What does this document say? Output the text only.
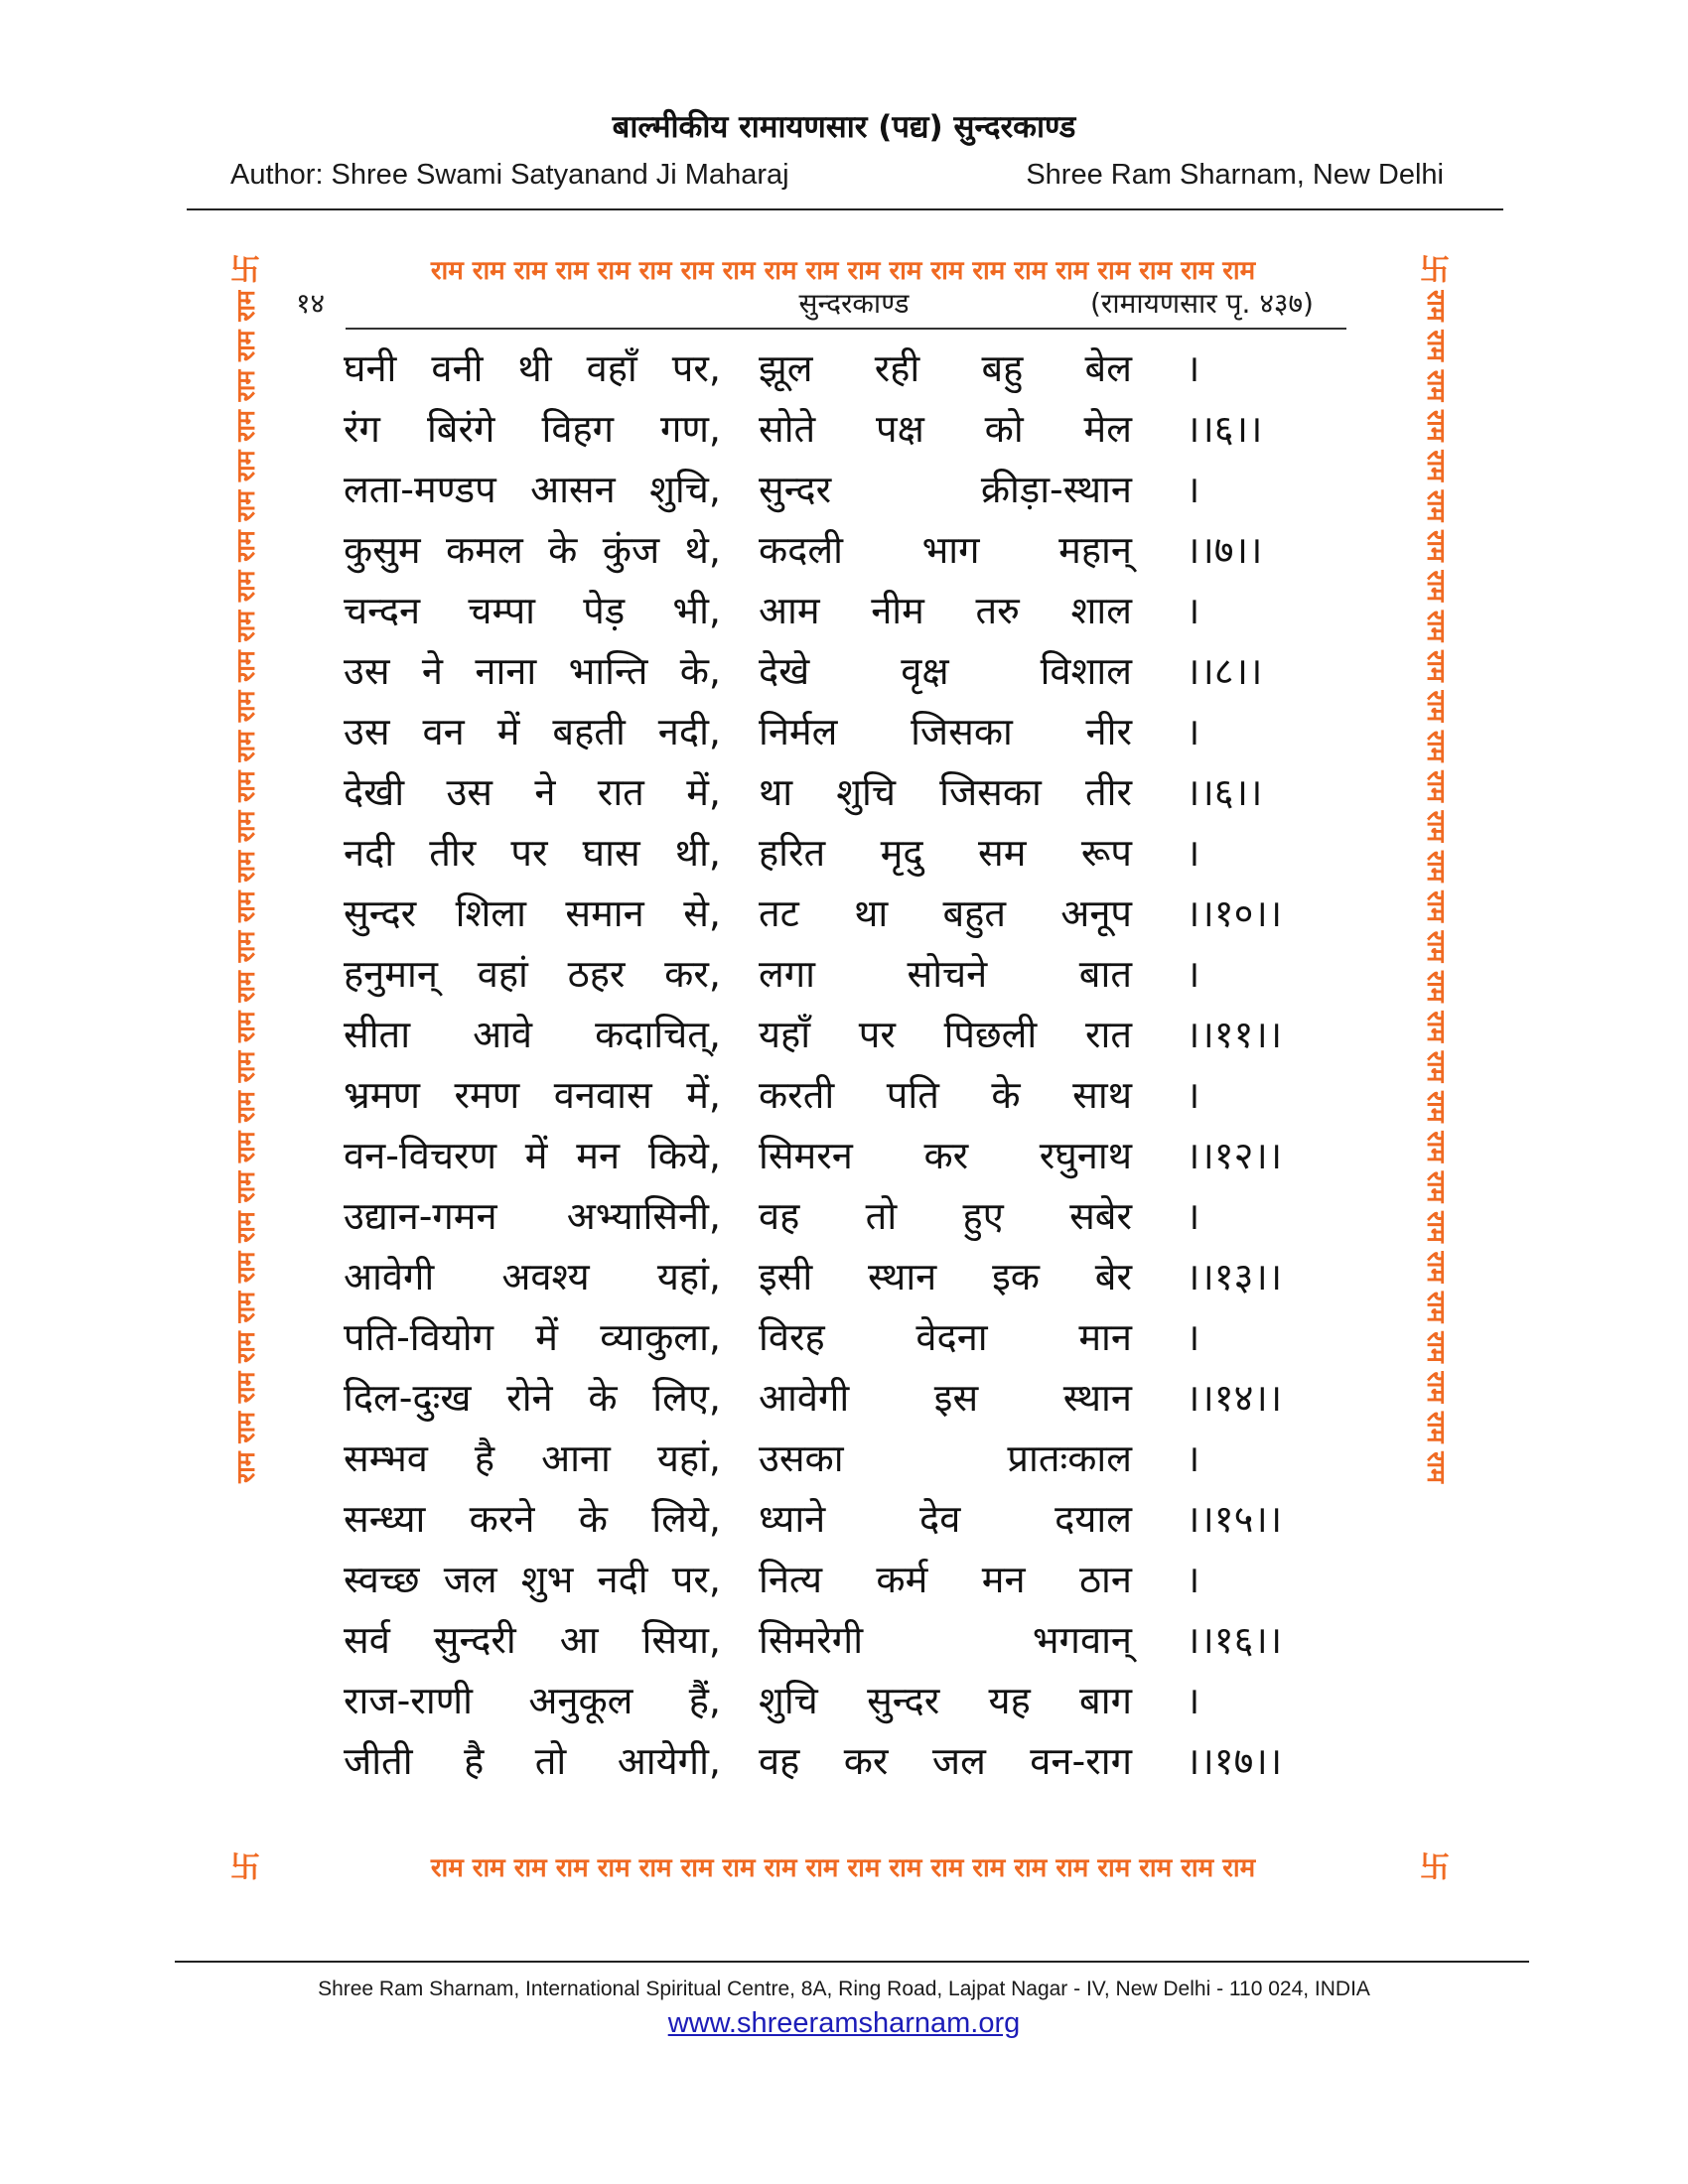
बाल्मीकीय रामायणसार (पद्य) सुन्दरकाण्ड
Author: Shree Swami Satyanand Ji Maharaj	Shree Ram Sharnam, New Delhi
राम राम राम राम राम राम राम राम राम राम राम राम राम राम राम राम राम राम राम राम
राम राम राम राम राम राम राम राम राम राम राम राम राम राम राम राम राम राम राम राम
राम राम राम राम राम राम राम राम राम राम राम राम राम राम राम राम राम राम राम राम राम राम राम राम राम राम राम राम राम राम	राम राम राम राम राम राम राम राम राम राम राम राम राम राम राम राम राम राम राम राम राम राम राम राम राम राम राम राम राम राम
卐	卐
卐	卐
१४	सुन्दरकाण्ड	(रामायणसार पृ. ४३७)
घनी वनी थी वहाँ पर, झूल रही बहु बेल ।
रंग बिरंगे विहग गण, सोते पक्ष को मेल ।।६।।
लता-मण्डप आसन शुचि, सुन्दर क्रीड़ा-स्थान ।
कुसुम कमल के कुंज थे, कदली भाग महान् ।।७।।
चन्दन चम्पा पेड़ भी, आम नीम तरु शाल ।
उस ने नाना भान्ति के, देखे वृक्ष विशाल ।।८।।
उस वन में बहती नदी, निर्मल जिसका नीर ।
देखी उस ने रात में, था शुचि जिसका तीर ।।६।।
नदी तीर पर घास थी, हरित मृदु सम रूप ।
सुन्दर शिला समान से, तट था बहुत अनूप ।।१०।।
हनुमान् वहां ठहर कर, लगा सोचने बात ।
सीता आवे कदाचित्, यहाँ पर पिछली रात ।।११।।
भ्रमण रमण वनवास में, करती पति के साथ ।
वन-विचरण में मन किये, सिमरन कर रघुनाथ ।।१२।।
उद्यान-गमन अभ्यासिनी, वह तो हुए सबेर ।
आवेगी अवश्य यहां, इसी स्थान इक बेर ।।१३।।
पति-वियोग में व्याकुला, विरह वेदना मान ।
दिल-दुःख रोने के लिए, आवेगी इस स्थान ।।१४।।
सम्भव है आना यहां, उसका प्रातःकाल ।
सन्ध्या करने के लिये, ध्याने देव दयाल ।।१५।।
स्वच्छ जल शुभ नदी पर, नित्य कर्म मन ठान ।
सर्व सुन्दरी आ सिया, सिमरेगी भगवान् ।।१६।।
राज-राणी अनुकूल हैं, शुचि सुन्दर यह बाग ।
जीती है तो आयेगी, वह कर जल वन-राग ।।१७।।
Shree Ram Sharnam, International Spiritual Centre, 8A, Ring Road, Lajpat Nagar - IV, New Delhi - 110 024, INDIA
www.shreeramsharnam.org
